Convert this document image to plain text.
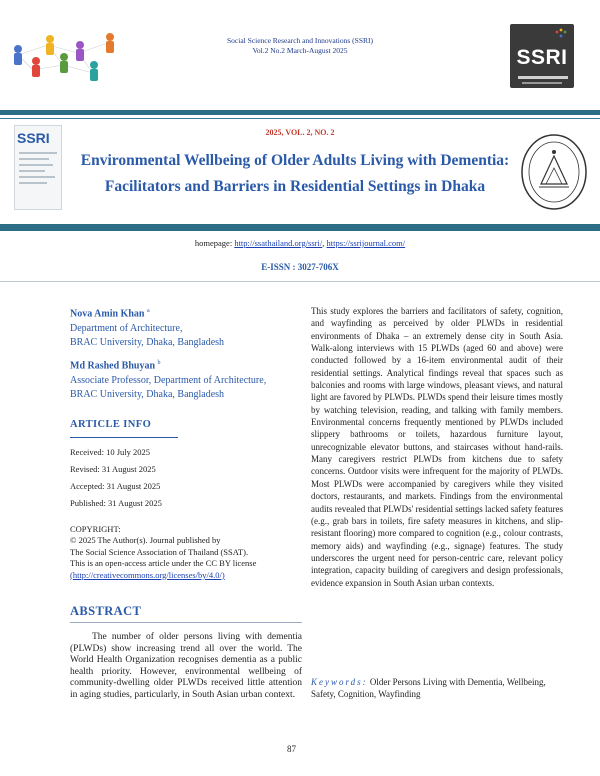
Social Science Research and Innovations (SSRI)
Vol.2 No.2 March-August 2025	SSRI
SSRI	2025, VOL. 2, NO. 2
Environmental Wellbeing of Older Adults Living with Dementia:
Facilitators and Barriers in Residential Settings in Dhaka
homepage: http://ssathailand.org/ssri/, https://ssrijournal.com/
E-ISSN : 3027-706X
Nova Amin Khan $^a$
Department of Architecture,
BRAC University, Dhaka, Bangladesh
Md Rashed Bhuyan $^b$
Associate Professor, Department of Architecture,
BRAC University, Dhaka, Bangladesh
ARTICLE INFO
Received: 10 July 2025
Revised: 31 August 2025
Accepted: 31 August 2025
Published: 31 August 2025
COPYRIGHT:
© 2025 The Author(s). Journal published by
The Social Science Association of Thailand (SSAT).
This is an open-access article under the CC BY license
(http://creativecommons.org/licenses/by/4.0/)
ABSTRACT
The number of older persons living with dementia (PLWDs) show increasing trend all over the world. The World Health Organization recognises dementia as a public health priority. However, environmental wellbeing of community-dwelling older PLWDs received little attention in aging studies, particularly, in South Asian urban context.
This study explores the barriers and facilitators of safety, cognition, and wayfinding as perceived by older PLWDs in residential environments of Dhaka – an extremely dense city in South Asia. Walk-along interviews with 15 PLWDs (aged 60 and above) were conducted followed by a 16-item environmental audit of their residential settings. Analytical findings reveal that spaces such as balconies and rooms with large windows, pleasant views, and natural light are favored by PLWDs. PLWDs spend their leisure times mostly by watching television, reading, and talking with family members. Environmental concerns frequently mentioned by PLWDs included slippery bathrooms or toilets, hazardous furniture layout, unrecognizable elevator buttons, and staircases without hand-rails. Many caregivers restrict PLWDs from kitchens due to safety concerns. Outdoor visits were infrequent for the majority of PLWDs. Most PLWDs were accompanied by caregivers while they visited doctors, restaurants, and markets. Findings from the environmental audits revealed that PLWDs' residential settings lacked safety features (e.g., grab bars in toilets, fire safety measures in kitchens, and slip-resistant flooring) more compared to cognition (e.g., colour contrasts, memory aids) and wayfinding (e.g., signage) features. The study underscores the urgent need for person-centric care, relevant policy integration, capacity building of caregivers and design professionals, evidence expansion in South Asian urban contexts.
Keywords: Older Persons Living with Dementia, Wellbeing, Safety, Cognition, Wayfinding
87
